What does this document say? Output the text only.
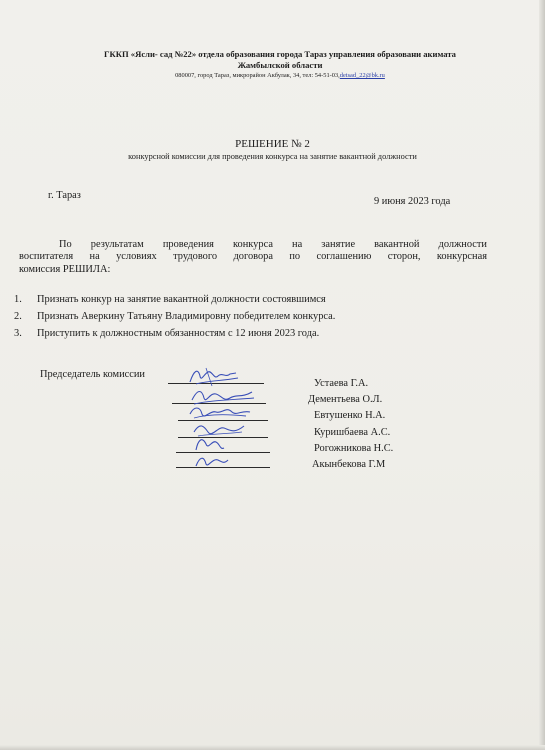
ГККП «Ясли- сад №22» отдела образования города Тараз управления образовани акимата
Жамбылской области
080007, город Тараз, микрорайон Акбулак, 34, тел: 54-51-03,detsad_22@bk.ru
РЕШЕНИЕ № 2
конкурсной комиссии для проведения конкурса на занятие вакантной должности
г. Тараз
9 июня 2023 года
По результатам проведения конкурса на занятие вакантной должности
воспитателя на условиях трудового договора по соглашению сторон, конкурсная
комиссия РЕШИЛА:
1. Признать конкур на занятие вакантной должности состоявшимся
2. Признать Аверкину Татьяну Владимировну победителем конкурса.
3. Приступить к должностным обязанностям с 12 июня 2023 года.
Председатель комиссии
Устаева Г.А.
Дементьева О.Л.
Евтушенко Н.А.
Куришбаева А.С.
Рогожникова Н.С.
Акынбекова Г.М
